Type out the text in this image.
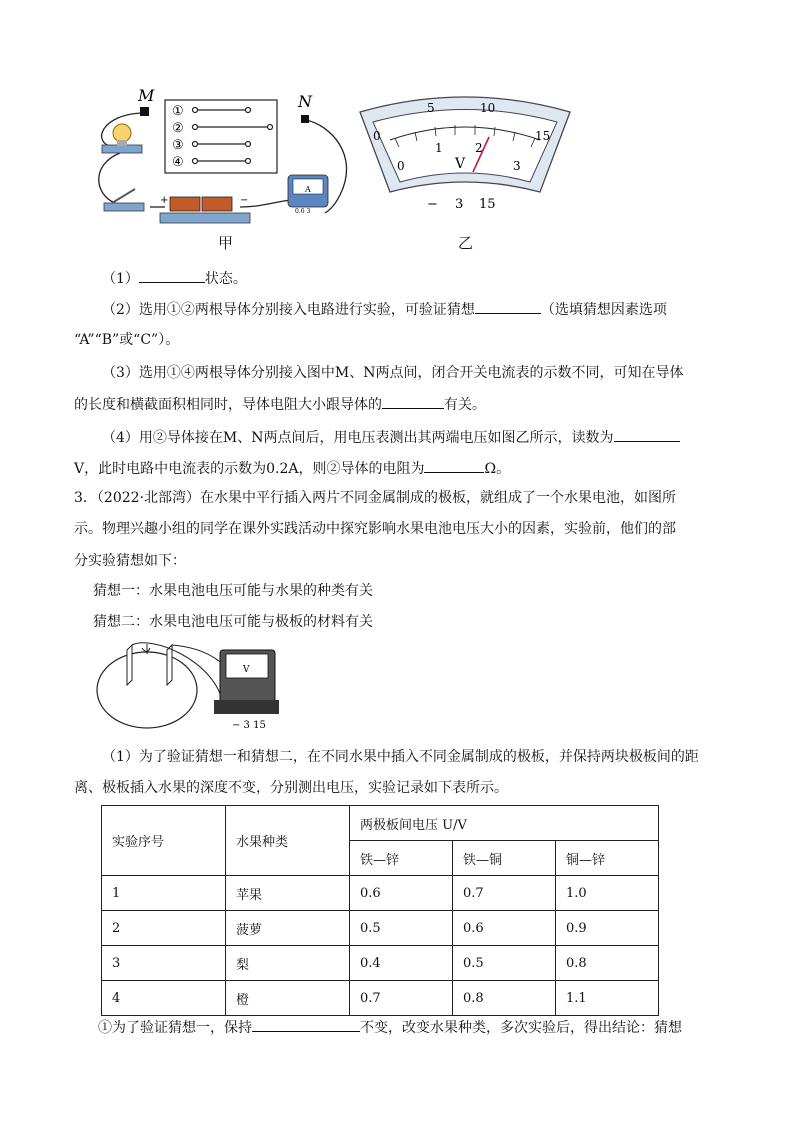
+	−
A
0.6 3
①
②
③
④
M	N
甲
0
5	10
15
0
1	2
3
V
− 3 15
乙
（1）	状态。
（2）选用①②两根导体分别接入电路进行实验，可验证猜想	（选填猜想因素选项
“A”“B”或“C”）。
（3）选用①④两根导体分别接入图中M、N两点间，闭合开关电流表的示数不同，可知在导体
的长度和横截面积相同时，导体电阻大小跟导体的	有关。
（4）用②导体接在M、N两点间后，用电压表测出其两端电压如图乙所示，读数为
V，此时电路中电流表的示数为0.2A，则②导体的电阻为	Ω。
3．（2022·北部湾）在水果中平行插入两片不同金属制成的极板，就组成了一个水果电池，如图所
示。物理兴趣小组的同学在课外实践活动中探究影响水果电池电压大小的因素，实验前，他们的部
分实验猜想如下：
猜想一：水果电池电压可能与水果的种类有关
猜想二：水果电池电压可能与极板的材料有关
V
− 3 15
（1）为了验证猜想一和猜想二，在不同水果中插入不同金属制成的极板，并保持两块极板间的距
离、极板插入水果的深度不变，分别测出电压，实验记录如下表所示。
实验序号	水果种类	两极板间电压 U/V		
		铁—锌	铁—铜	铜—锌
1	苹果	0.6	0.7	1.0
2	菠萝	0.5	0.6	0.9
3	梨	0.4	0.5	0.8
4	橙	0.7	0.8	1.1
①为了验证猜想一，保持	不变，改变水果种类，多次实验后，得出结论：猜想
